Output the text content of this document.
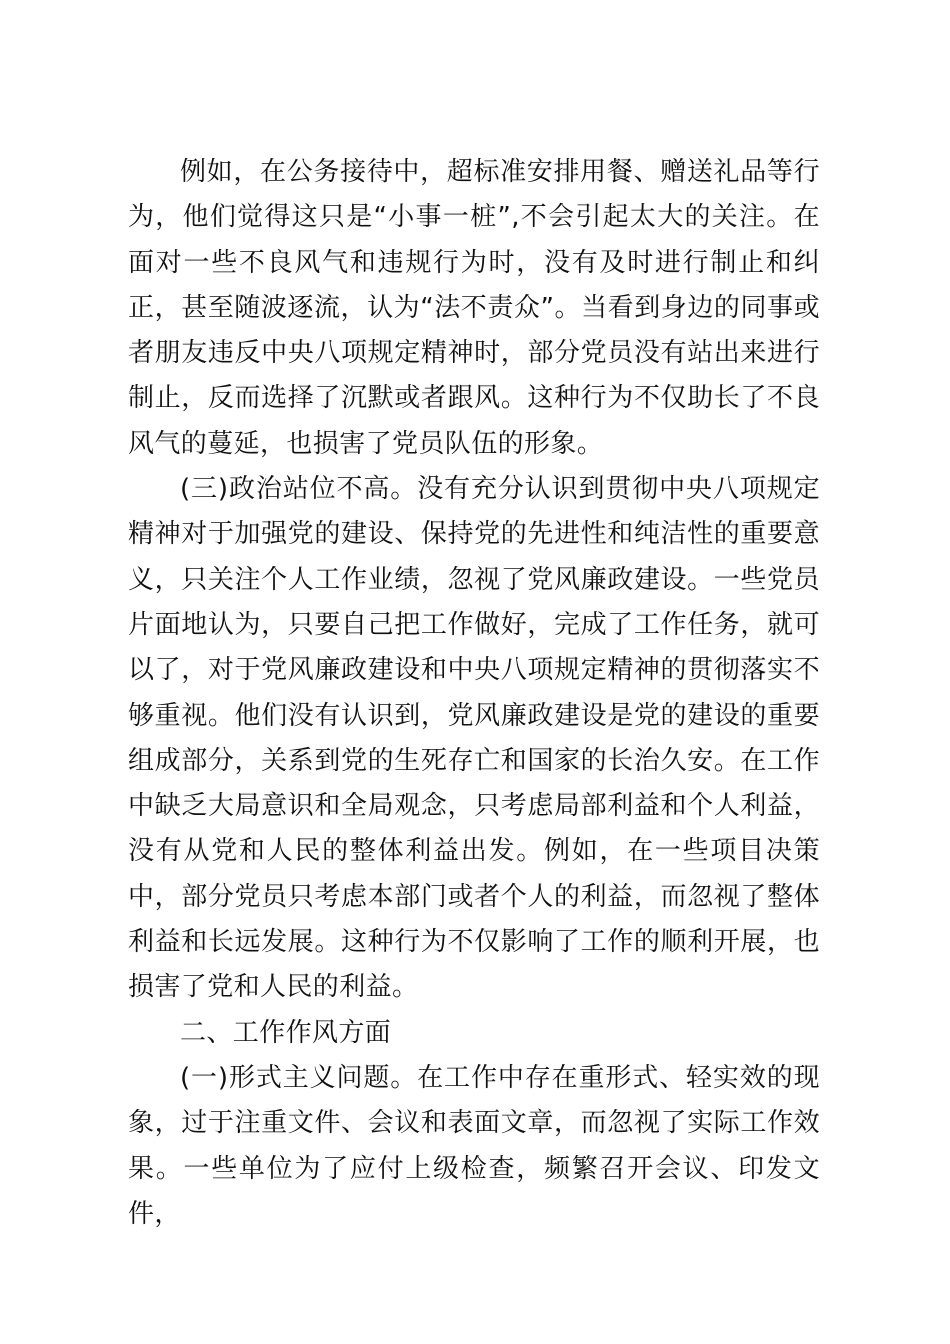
例如，在公务接待中，超标准安排用餐、赠送礼品等行为，他们觉得这只是“小事一桩”,不会引起太大的关注。在面对一些不良风气和违规行为时，没有及时进行制止和纠正，甚至随波逐流，认为“法不责众”。当看到身边的同事或者朋友违反中央八项规定精神时，部分党员没有站出来进行制止，反而选择了沉默或者跟风。这种行为不仅助长了不良风气的蔓延，也损害了党员队伍的形象。

(三)政治站位不高。没有充分认识到贯彻中央八项规定精神对于加强党的建设、保持党的先进性和纯洁性的重要意义，只关注个人工作业绩，忽视了党风廉政建设。一些党员片面地认为，只要自己把工作做好，完成了工作任务，就可以了，对于党风廉政建设和中央八项规定精神的贯彻落实不够重视。他们没有认识到，党风廉政建设是党的建设的重要组成部分，关系到党的生死存亡和国家的长治久安。在工作中缺乏大局意识和全局观念，只考虑局部利益和个人利益，没有从党和人民的整体利益出发。例如，在一些项目决策中，部分党员只考虑本部门或者个人的利益，而忽视了整体利益和长远发展。这种行为不仅影响了工作的顺利开展，也损害了党和人民的利益。

二、工作作风方面

(一)形式主义问题。在工作中存在重形式、轻实效的现象，过于注重文件、会议和表面文章，而忽视了实际工作效果。一些单位为了应付上级检查，频繁召开会议、印发文件，
